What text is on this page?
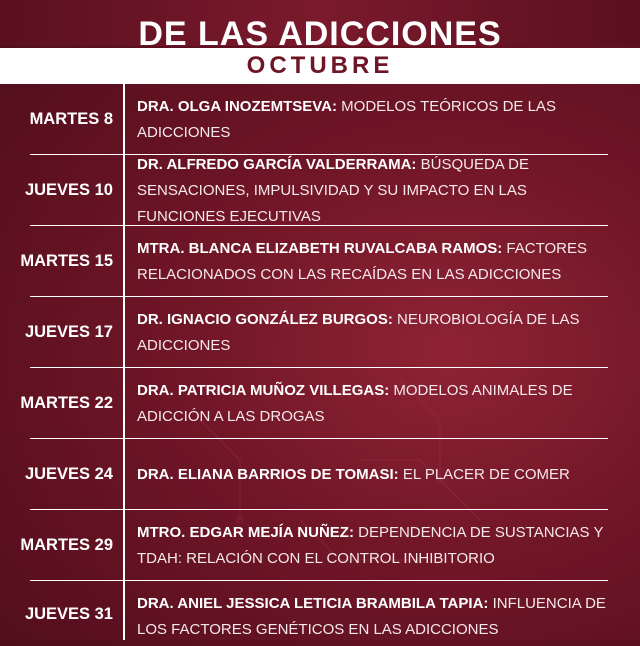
DE LAS ADICCIONES
OCTUBRE
MARTES 8
DRA. OLGA INOZEMTSEVA: MODELOS TEÓRICOS DE LAS ADICCIONES
JUEVES 10
DR. ALFREDO GARCÍA VALDERRAMA: BÚSQUEDA DE SENSACIONES, IMPULSIVIDAD Y SU IMPACTO EN LAS FUNCIONES EJECUTIVAS
MARTES 15
MTRA. BLANCA ELIZABETH RUVALCABA RAMOS: FACTORES RELACIONADOS CON LAS RECAÍDAS EN LAS ADICCIONES
JUEVES 17
DR. IGNACIO GONZÁLEZ BURGOS: NEUROBIOLOGÍA DE LAS ADICCIONES
MARTES 22
DRA. PATRICIA MUÑOZ VILLEGAS: MODELOS ANIMALES DE ADICCIÓN A LAS DROGAS
JUEVES 24	DRA. ELIANA BARRIOS DE TOMASI: EL PLACER DE COMER
MARTES 29
MTRO. EDGAR MEJÍA NUÑEZ: DEPENDENCIA DE SUSTANCIAS Y TDAH: RELACIÓN CON EL CONTROL INHIBITORIO
JUEVES 31
DRA. ANIEL JESSICA LETICIA BRAMBILA TAPIA: INFLUENCIA DE LOS FACTORES GENÉTICOS EN LAS ADICCIONES
